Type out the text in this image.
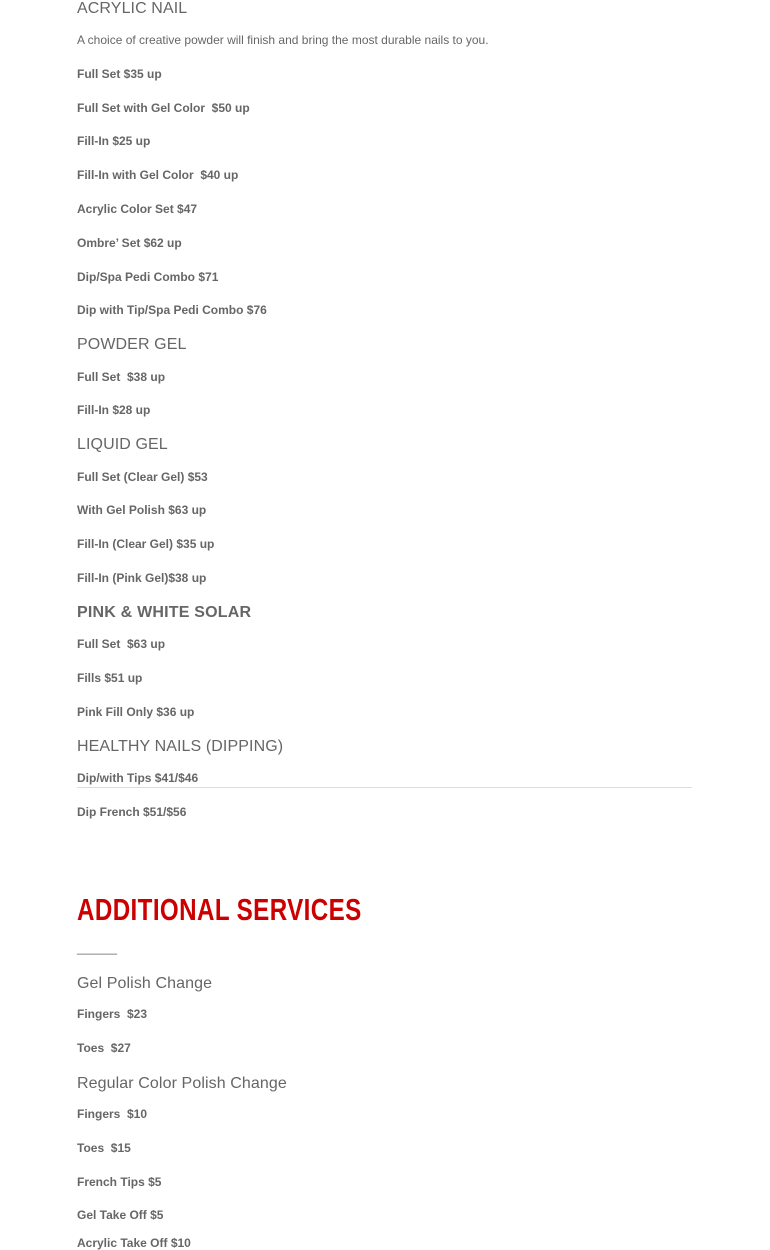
ACRYLIC NAIL
A choice of creative powder will finish and bring the most durable nails to you.
Full Set $35 up
Full Set with Gel Color  $50 up
Fill-In $25 up
Fill-In with Gel Color  $40 up
Acrylic Color Set $47
Ombre’ Set $62 up
Dip/Spa Pedi Combo $71
Dip with Tip/Spa Pedi Combo $76
POWDER GEL
Full Set  $38 up
Fill-In $28 up
LIQUID GEL
Full Set (Clear Gel) $53
With Gel Polish $63 up
Fill-In (Clear Gel) $35 up
Fill-In (Pink Gel)$38 up
PINK & WHITE SOLAR
Full Set  $63 up
Fills $51 up
Pink Fill Only $36 up
HEALTHY NAILS (DIPPING)
Dip/with Tips $41/$46
Dip French $51/$56
ADDITIONAL SERVICES
______
Gel Polish Change
Fingers  $23
Toes  $27
Regular Color Polish Change
Fingers  $10
Toes  $15
French Tips $5
Gel Take Off $5
Acrylic Take Off $10
